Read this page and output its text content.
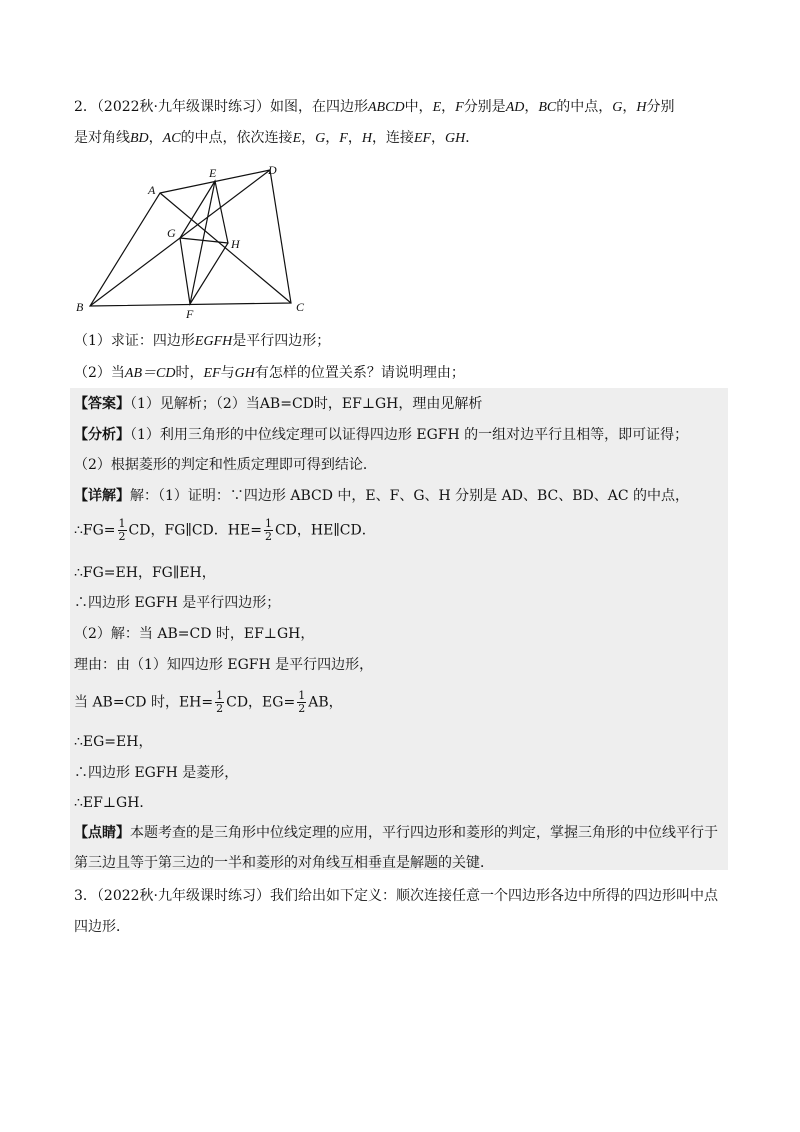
2．（2022秋·九年级课时练习）如图，在四边形ABCD中，E，F分别是AD，BC的中点，G，H分别
是对角线BD，AC的中点，依次连接E，G，F，H，连接EF，GH．
A
B	C
D
E
F
G
H
（1）求证：四边形EGFH是平行四边形；
（2）当AB＝CD时，EF与GH有怎样的位置关系？请说明理由；
【答案】（1）见解析；（2）当AB=CD时，EF⊥GH，理由见解析
【分析】（1）利用三角形的中位线定理可以证得四边形 EGFH 的一组对边平行且相等，即可证得；
（2）根据菱形的判定和性质定理即可得到结论．
【详解】解：（1）证明：∵四边形 ABCD 中，E、F、G、H 分别是 AD、BC、BD、AC 的中点，
∴FG= $\frac{1}{2}$ CD，FG∥CD．$HE= \frac{1}{2}$ CD，HE∥CD．
∴FG=EH，FG∥EH，
∴四边形 EGFH 是平行四边形；
（2）解：当 AB=CD 时，EF⊥GH，
理由：由（1）知四边形 EGFH 是平行四边形，
当 AB=CD 时，$EH= \frac{1}{2}$ CD，$EG= \frac{1}{2}$ AB，
∴EG=EH，
∴四边形 EGFH 是菱形，
∴EF⊥GH．
【点睛】本题考查的是三角形中位线定理的应用，平行四边形和菱形的判定，掌握三角形的中位线平行于
第三边且等于第三边的一半和菱形的对角线互相垂直是解题的关键．
3．（2022秋·九年级课时练习）我们给出如下定义：顺次连接任意一个四边形各边中所得的四边形叫中点
四边形．
